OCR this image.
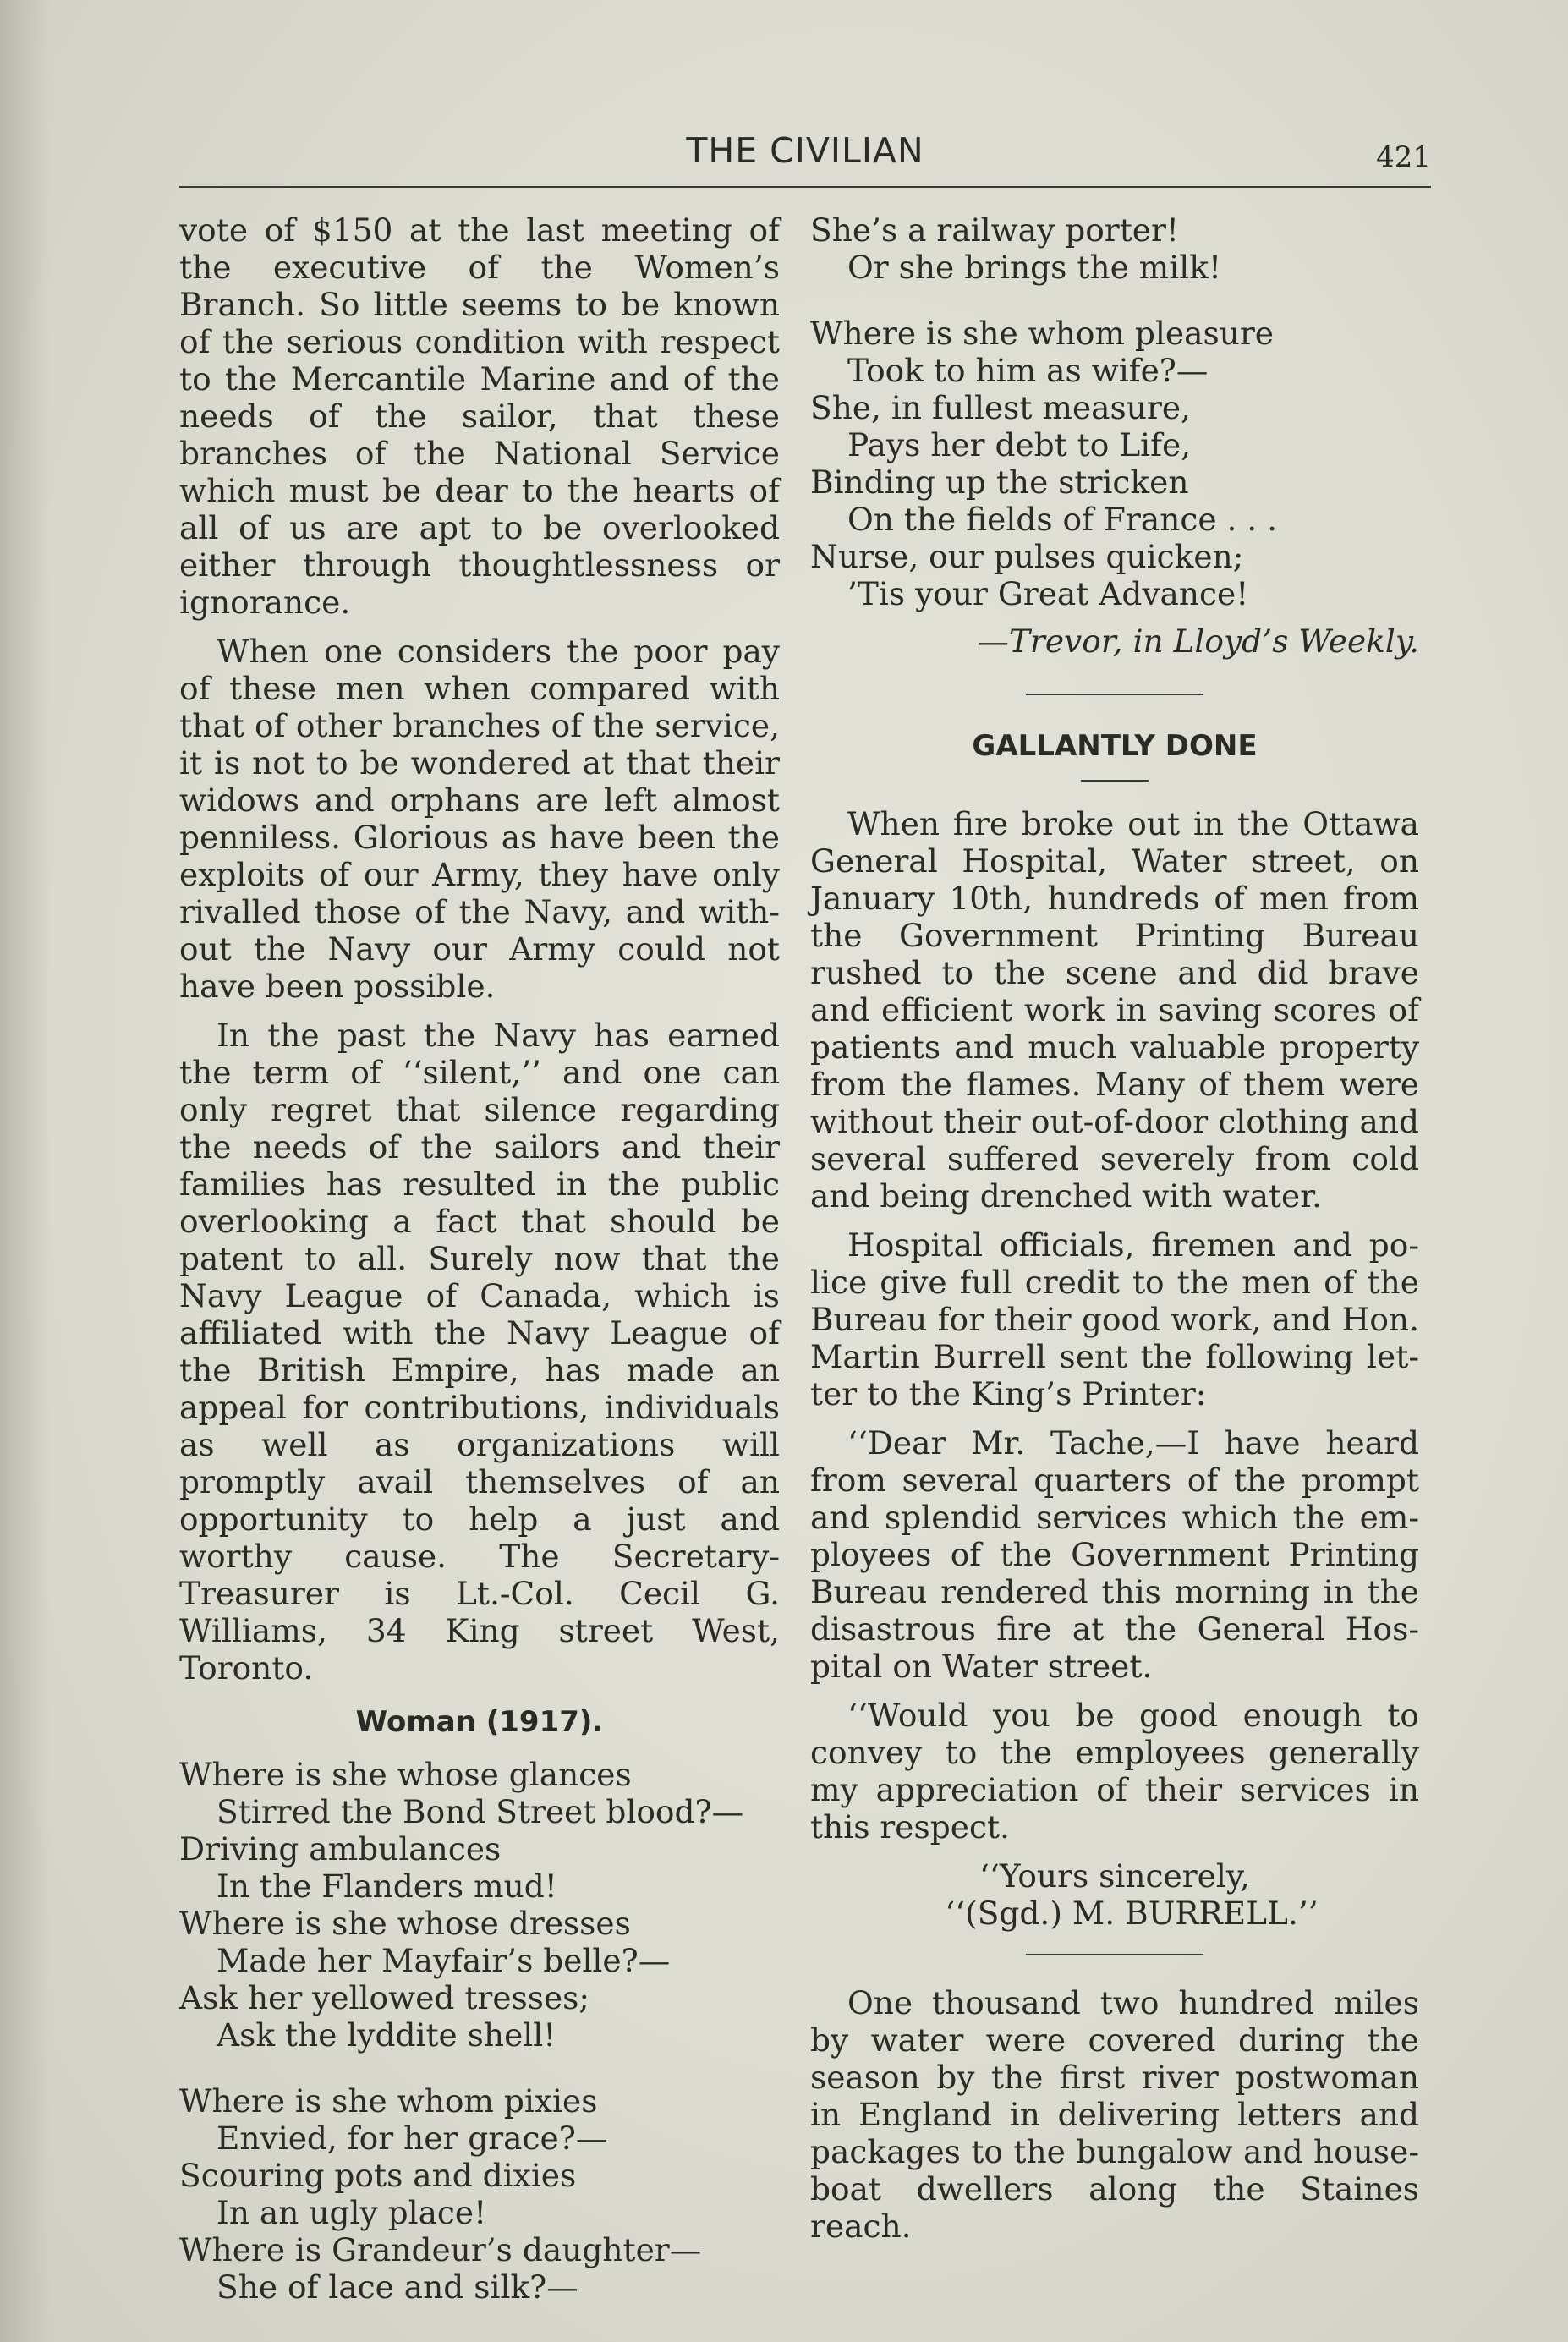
THE CIVILIAN	421

vote of $150 at the last meeting of the executive of the Women’s Branch. So little seems to be known of the serious condition with respect to the Mercantile Marine and of the needs of the sailor, that these branches of the National Service which must be dear to the hearts of all of us are apt to be overlooked either through thoughtlessness or ignorance.

When one considers the poor pay of these men when compared with that of other branches of the service, it is not to be wondered at that their widows and orphans are left almost penniless. Glorious as have been the exploits of our Army, they have only rivalled those of the Navy, and without the Navy our Army could not have been possible.

In the past the Navy has earned the term of ‘‘silent,’’ and one can only regret that silence regarding the needs of the sailors and their families has resulted in the public overlooking a fact that should be patent to all. Surely now that the Navy League of Canada, which is affiliated with the Navy League of the British Empire, has made an appeal for contributions, individuals as well as organizations will promptly avail themselves of an opportunity to help a just and worthy cause. The Secretary-Treasurer is Lt.-Col. Cecil G. Williams, 34 King street West, Toronto.

Woman (1917).
Where is she whose glances
Stirred the Bond Street blood?—
Driving ambulances
In the Flanders mud!
Where is she whose dresses
Made her Mayfair’s belle?—
Ask her yellowed tresses;
Ask the lyddite shell!
Where is she whom pixies
Envied, for her grace?—
Scouring pots and dixies
In an ugly place!
Where is Grandeur’s daughter—
She of lace and silk?—
She’s a railway porter!
Or she brings the milk!
Where is she whom pleasure
Took to him as wife?—
She, in fullest measure,
Pays her debt to Life,
Binding up the stricken
On the fields of France . . .
Nurse, our pulses quicken;
’Tis your Great Advance!
—Trevor, in Lloyd’s Weekly.
GALLANTLY DONE

When fire broke out in the Ottawa General Hospital, Water street, on January 10th, hundreds of men from the Government Printing Bureau rushed to the scene and did brave and efficient work in saving scores of patients and much valuable property from the flames. Many of them were without their out-of-door clothing and several suffered severely from cold and being drenched with water.

Hospital officials, firemen and police give full credit to the men of the Bureau for their good work, and Hon. Martin Burrell sent the following letter to the King’s Printer:

‘‘Dear Mr. Tache,—I have heard from several quarters of the prompt and splendid services which the employees of the Government Printing Bureau rendered this morning in the disastrous fire at the General Hospital on Water street.

‘‘Would you be good enough to convey to the employees generally my appreciation of their services in this respect.

‘‘Yours sincerely,

‘‘(Sgd.) M. BURRELL.’’

One thousand two hundred miles by water were covered during the season by the first river postwoman in England in delivering letters and packages to the bungalow and houseboat dwellers along the Staines reach.
